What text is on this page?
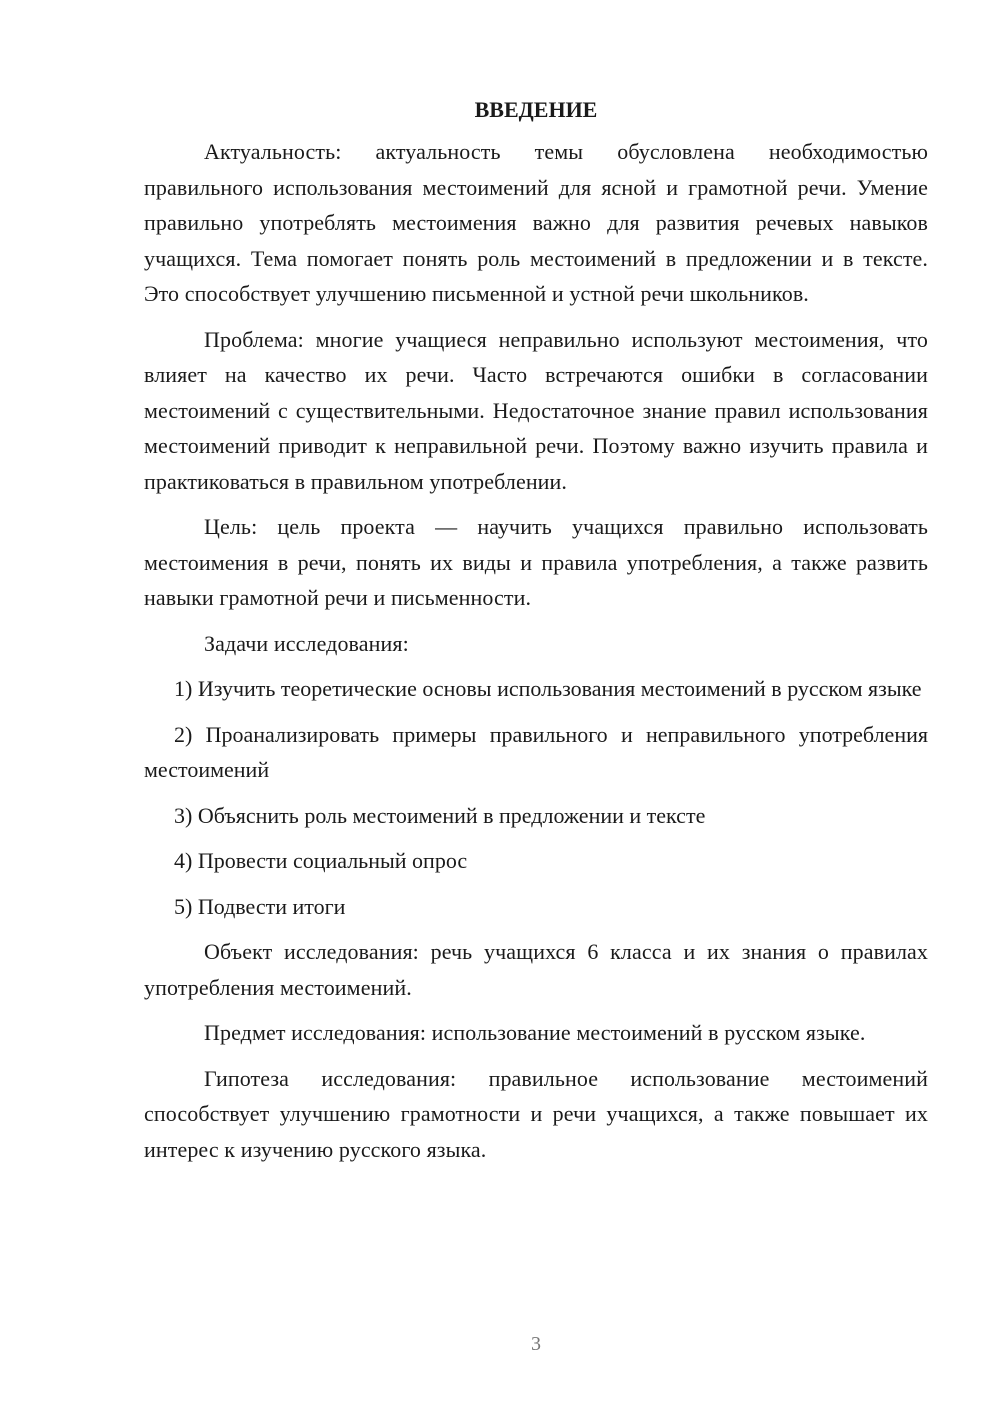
ВВЕДЕНИЕ

Актуальность: актуальность темы обусловлена необходимостью правильного использования местоимений для ясной и грамотной речи. Умение правильно употреблять местоимения важно для развития речевых навыков учащихся. Тема помогает понять роль местоимений в предложении и в тексте. Это способствует улучшению письменной и устной речи школьников.

Проблема: многие учащиеся неправильно используют местоимения, что влияет на качество их речи. Часто встречаются ошибки в согласовании местоимений с существительными. Недостаточное знание правил использования местоимений приводит к неправильной речи. Поэтому важно изучить правила и практиковаться в правильном употреблении.

Цель: цель проекта — научить учащихся правильно использовать местоимения в речи, понять их виды и правила употребления, а также развить навыки грамотной речи и письменности.

Задачи исследования:

1) Изучить теоретические основы использования местоимений в русском языке

2) Проанализировать примеры правильного и неправильного употребления местоимений

3) Объяснить роль местоимений в предложении и тексте

4) Провести социальный опрос

5) Подвести итоги

Объект исследования: речь учащихся 6 класса и их знания о правилах употребления местоимений.

Предмет исследования: использование местоимений в русском языке.

Гипотеза исследования: правильное использование местоимений способствует улучшению грамотности и речи учащихся, а также повышает их интерес к изучению русского языка.

3
